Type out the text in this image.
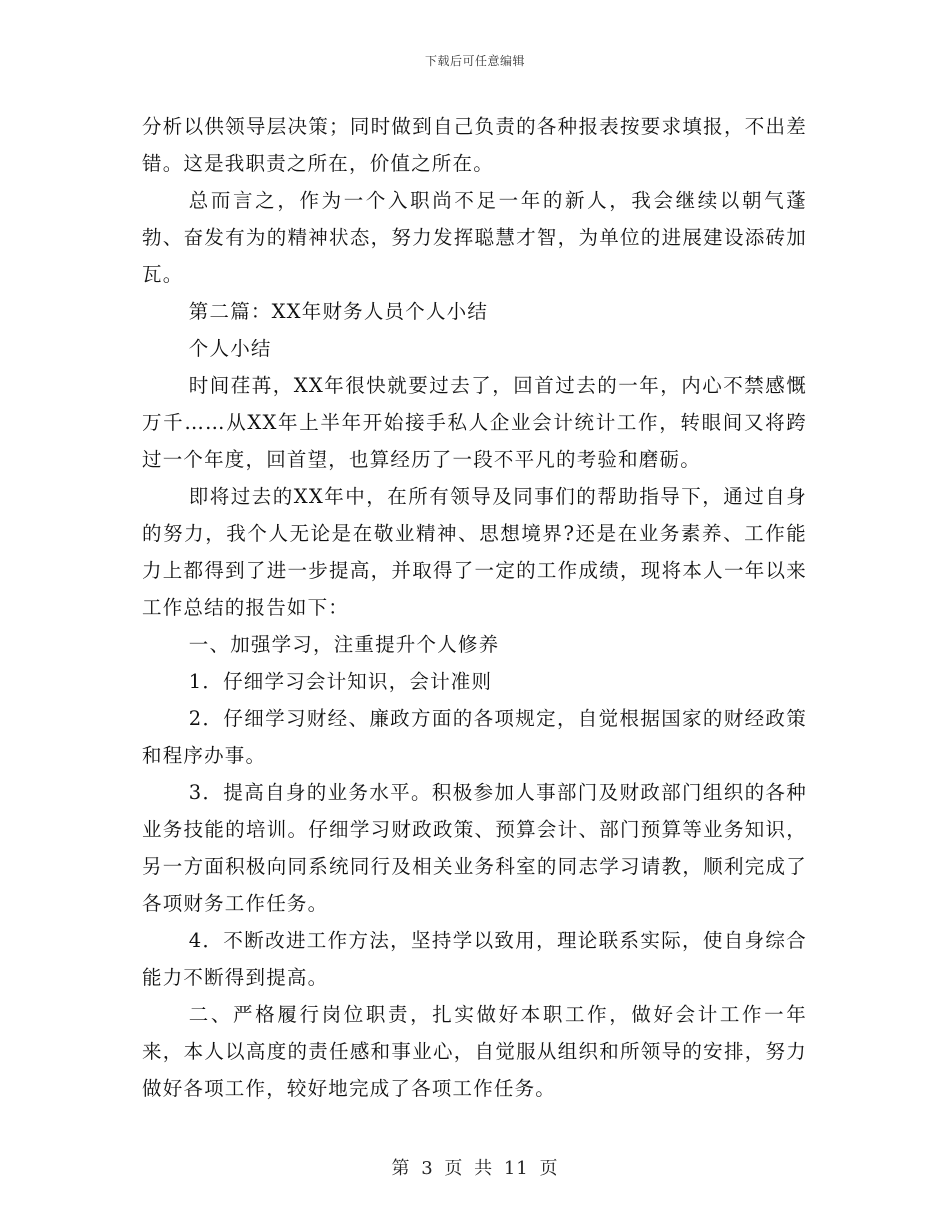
下载后可任意编辑

分析以供领导层决策；同时做到自己负责的各种报表按要求填报，不出差错。这是我职责之所在，价值之所在。

总而言之，作为一个入职尚不足一年的新人，我会继续以朝气蓬勃、奋发有为的精神状态，努力发挥聪慧才智，为单位的进展建设添砖加瓦。

第二篇：XX年财务人员个人小结

个人小结

时间荏苒，XX年很快就要过去了，回首过去的一年，内心不禁感慨万千……从XX年上半年开始接手私人企业会计统计工作，转眼间又将跨过一个年度，回首望，也算经历了一段不平凡的考验和磨砺。

即将过去的XX年中，在所有领导及同事们的帮助指导下，通过自身的努力，我个人无论是在敬业精神、思想境界?还是在业务素养、工作能力上都得到了进一步提高，并取得了一定的工作成绩，现将本人一年以来工作总结的报告如下：

一、加强学习，注重提升个人修养

1．仔细学习会计知识，会计准则

2．仔细学习财经、廉政方面的各项规定，自觉根据国家的财经政策和程序办事。

3．提高自身的业务水平。积极参加人事部门及财政部门组织的各种业务技能的培训。仔细学习财政政策、预算会计、部门预算等业务知识，另一方面积极向同系统同行及相关业务科室的同志学习请教，顺利完成了各项财务工作任务。

4．不断改进工作方法，坚持学以致用，理论联系实际，使自身综合能力不断得到提高。

二、严格履行岗位职责，扎实做好本职工作，做好会计工作一年来，本人以高度的责任感和事业心，自觉服从组织和所领导的安排，努力做好各项工作，较好地完成了各项工作任务。

第 3 页 共 11 页
